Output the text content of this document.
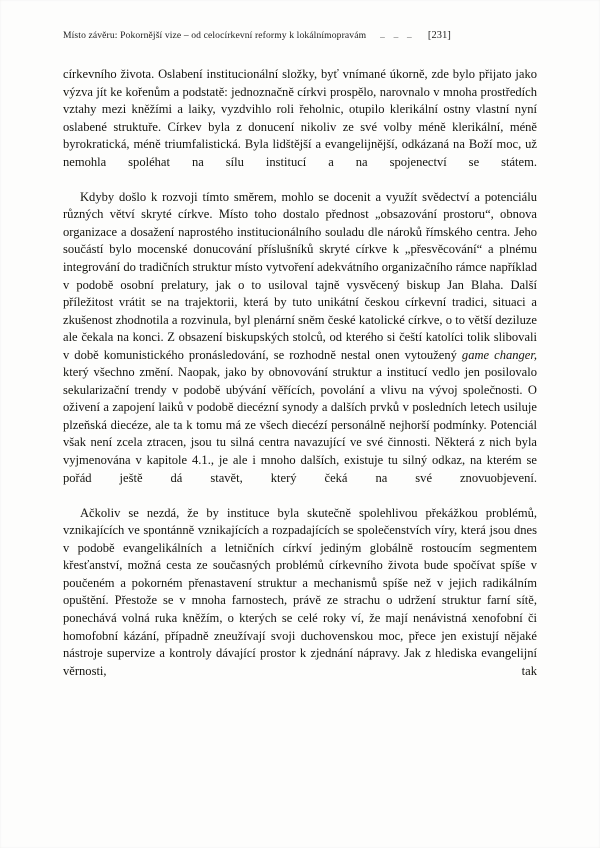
Místo závěru: Pokornější vize – od celocírkevní reformy k lokálnímopravám _ _ _ [231]

církevního života. Oslabení institucionální složky, byť vnímané úkorně, zde bylo přijato jako výzva jít ke kořenům a podstatě: jednoznačně církvi prospělo, narovnalo v mnoha prostředích vztahy mezi kněžími a laiky, vyzdvihlo roli řeholnic, otupilo klerikální ostny vlastní nyní oslabené struktuře. Církev byla z donucení nikoliv ze své volby méně klerikální, méně byrokratická, méně triumfalistická. Byla lidštější a evangelijnější, odkázaná na Boží moc, už nemohla spoléhat na sílu institucí a na spojenectví se státem.

Kdyby došlo k rozvoji tímto směrem, mohlo se docenit a využít svědectví a potenciálu různých větví skryté církve. Místo toho dostalo přednost „obsazování prostoru“, obnova organizace a dosažení naprostého institucionálního souladu dle nároků římského centra. Jeho součástí bylo mocenské donucování příslušníků skryté církve k „přesvěcování“ a plnému integrování do tradičních struktur místo vytvoření adekvátního organizačního rámce například v podobě osobní prelatury, jak o to usiloval tajně vysvěcený biskup Jan Blaha. Další příležitost vrátit se na trajektorii, která by tuto unikátní českou církevní tradici, situaci a zkušenost zhodnotila a rozvinula, byl plenární sněm české katolické církve, o to větší deziluze ale čekala na konci. Z obsazení biskupských stolců, od kterého si čeští katolíci tolik slibovali v době komunistického pronásledování, se rozhodně nestal onen vytoužený game changer, který všechno změní. Naopak, jako by obnovování struktur a institucí vedlo jen posilovalo sekularizační trendy v podobě ubývání věřících, povolání a vlivu na vývoj společnosti. O oživení a zapojení laiků v podobě diecézní synody a dalších prvků v posledních letech usiluje plzeňská diecéze, ale ta k tomu má ze všech diecézí personálně nejhorší podmínky. Potenciál však není zcela ztracen, jsou tu silná centra navazující ve své činnosti. Některá z nich byla vyjmenována v kapitole 4.1., je ale i mnoho dalších, existuje tu silný odkaz, na kterém se pořád ještě dá stavět, který čeká na své znovuobjevení.

Ačkoliv se nezdá, že by instituce byla skutečně spolehlivou překážkou problémů, vznikajících ve spontánně vznikajících a rozpadajících se společenstvích víry, která jsou dnes v podobě evangelikálních a letničních církví jediným globálně rostoucím segmentem křesťanství, možná cesta ze současných problémů církevního života bude spočívat spíše v poučeném a pokorném přenastavení struktur a mechanismů spíše než v jejich radikálním opuštění. Přestože se v mnoha farnostech, právě ze strachu o udržení struktur farní sítě, ponechává volná ruka kněžím, o kterých se celé roky ví, že mají nenávistná xenofobní či homofobní kázání, případně zneužívají svoji duchovenskou moc, přece jen existují nějaké nástroje supervize a kontroly dávající prostor k zjednání nápravy. Jak z hlediska evangelijní věrnosti, tak
